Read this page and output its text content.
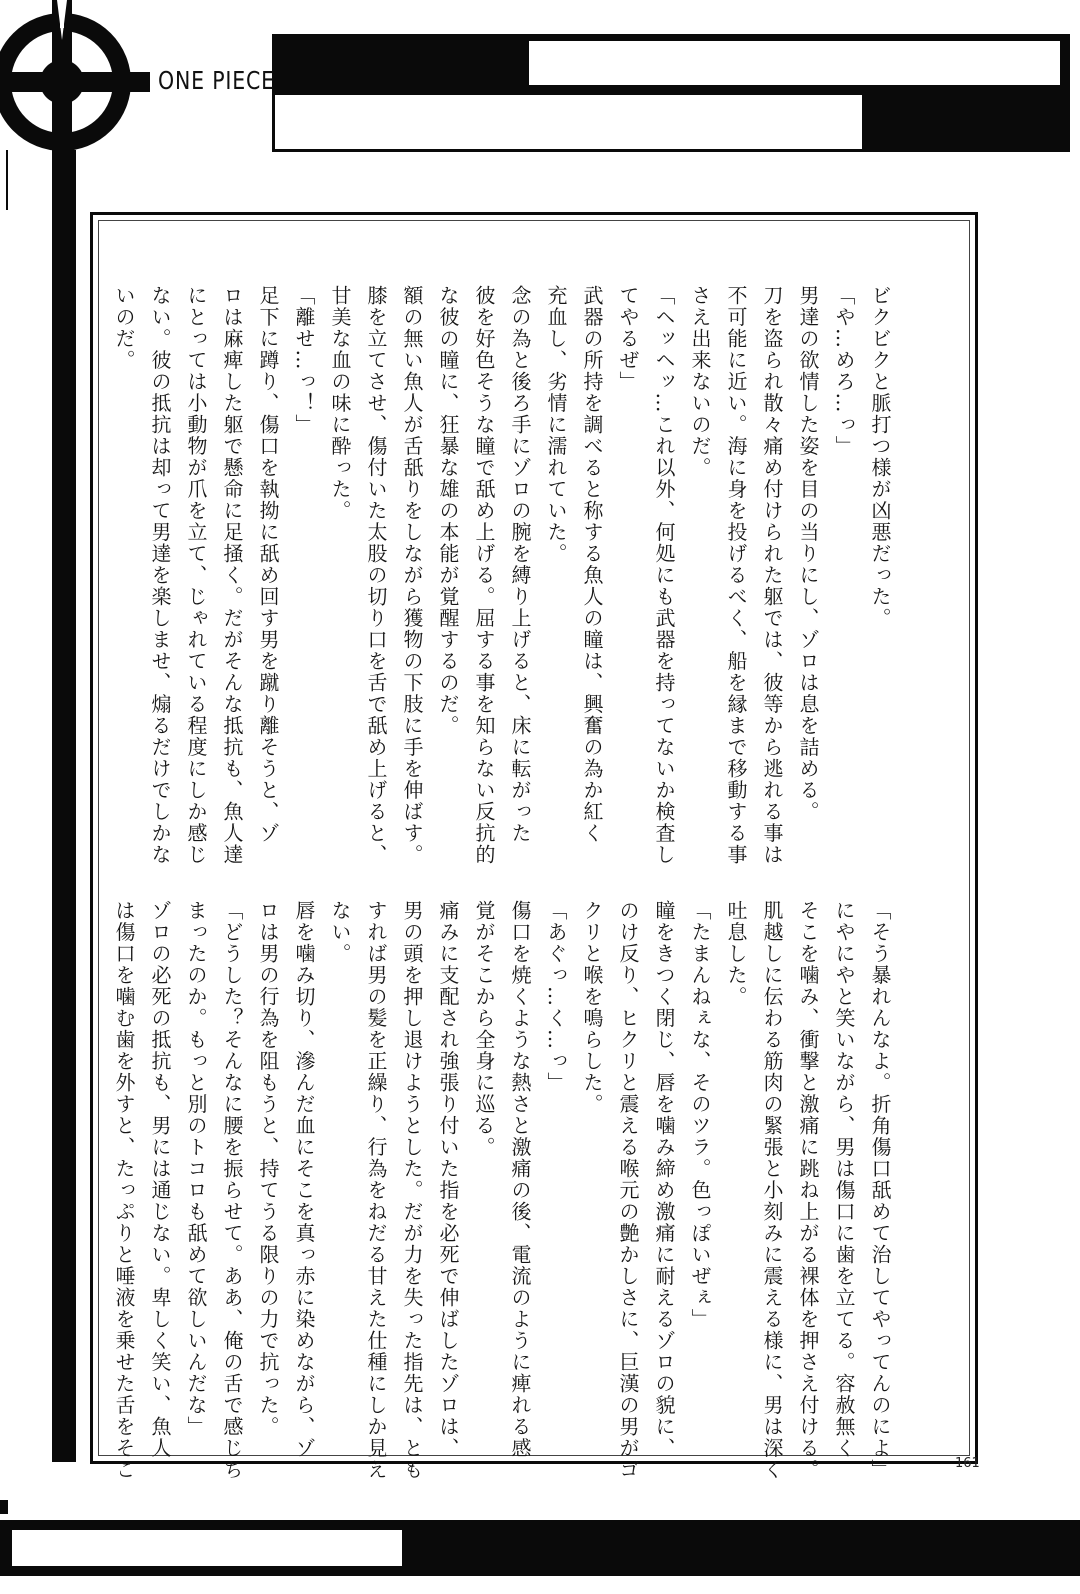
ONE PIECE

ビクビクと脈打つ様が凶悪だった。

「や…めろ…っ」

男達の欲情した姿を目の当りにし、ゾロは息を詰める。

刀を盗られ散々痛め付けられた躯では、彼等から逃れる事は

不可能に近い。海に身を投げるべく、船を縁まで移動する事

さえ出来ないのだ。

「ヘッヘッ…これ以外、何処にも武器を持ってないか検査し

てやるぜ」

武器の所持を調べると称する魚人の瞳は、興奮の為か紅く

充血し、劣情に濡れていた。

念の為と後ろ手にゾロの腕を縛り上げると、床に転がった

彼を好色そうな瞳で舐め上げる。屈する事を知らない反抗的

な彼の瞳に、狂暴な雄の本能が覚醒するのだ。

額の無い魚人が舌舐りをしながら獲物の下肢に手を伸ばす。

膝を立てさせ、傷付いた太股の切り口を舌で舐め上げると、

甘美な血の味に酔った。

「離せ…っ！」

足下に蹲り、傷口を執拗に舐め回す男を蹴り離そうと、ゾ

ロは麻痺した躯で懸命に足掻く。だがそんな抵抗も、魚人達

にとっては小動物が爪を立て、じゃれている程度にしか感じ

ない。彼の抵抗は却って男達を楽しませ、煽るだけでしかな

いのだ。

「そう暴れんなよ。折角傷口舐めて治してやってんのによ」

にやにやと笑いながら、男は傷口に歯を立てる。容赦無く

そこを噛み、衝撃と激痛に跳ね上がる裸体を押さえ付ける。

肌越しに伝わる筋肉の緊張と小刻みに震える様に、男は深く

吐息した。

「たまんねぇな、そのツラ。色っぽいぜぇ」

瞳をきつく閉じ、唇を噛み締め激痛に耐えるゾロの貌に、

のけ反り、ヒクリと震える喉元の艶かしさに、巨漢の男がゴ

クリと喉を鳴らした。

「あぐっ…く…っ」

傷口を焼くような熱さと激痛の後、電流のように痺れる感

覚がそこから全身に巡る。

痛みに支配され強張り付いた指を必死で伸ばしたゾロは、

男の頭を押し退けようとした。だが力を失った指先は、とも

すれば男の髪を正繰り、行為をねだる甘えた仕種にしか見え

ない。

唇を噛み切り、滲んだ血にそこを真っ赤に染めながら、ゾ

ロは男の行為を阻もうと、持てうる限りの力で抗った。

「どうした？そんなに腰を振らせて。ああ、俺の舌で感じち

まったのか。もっと別のトコロも舐めて欲しいんだな」

ゾロの必死の抵抗も、男には通じない。卑しく笑い、魚人

は傷口を噛む歯を外すと、たっぷりと唾液を乗せた舌をそこ	161
